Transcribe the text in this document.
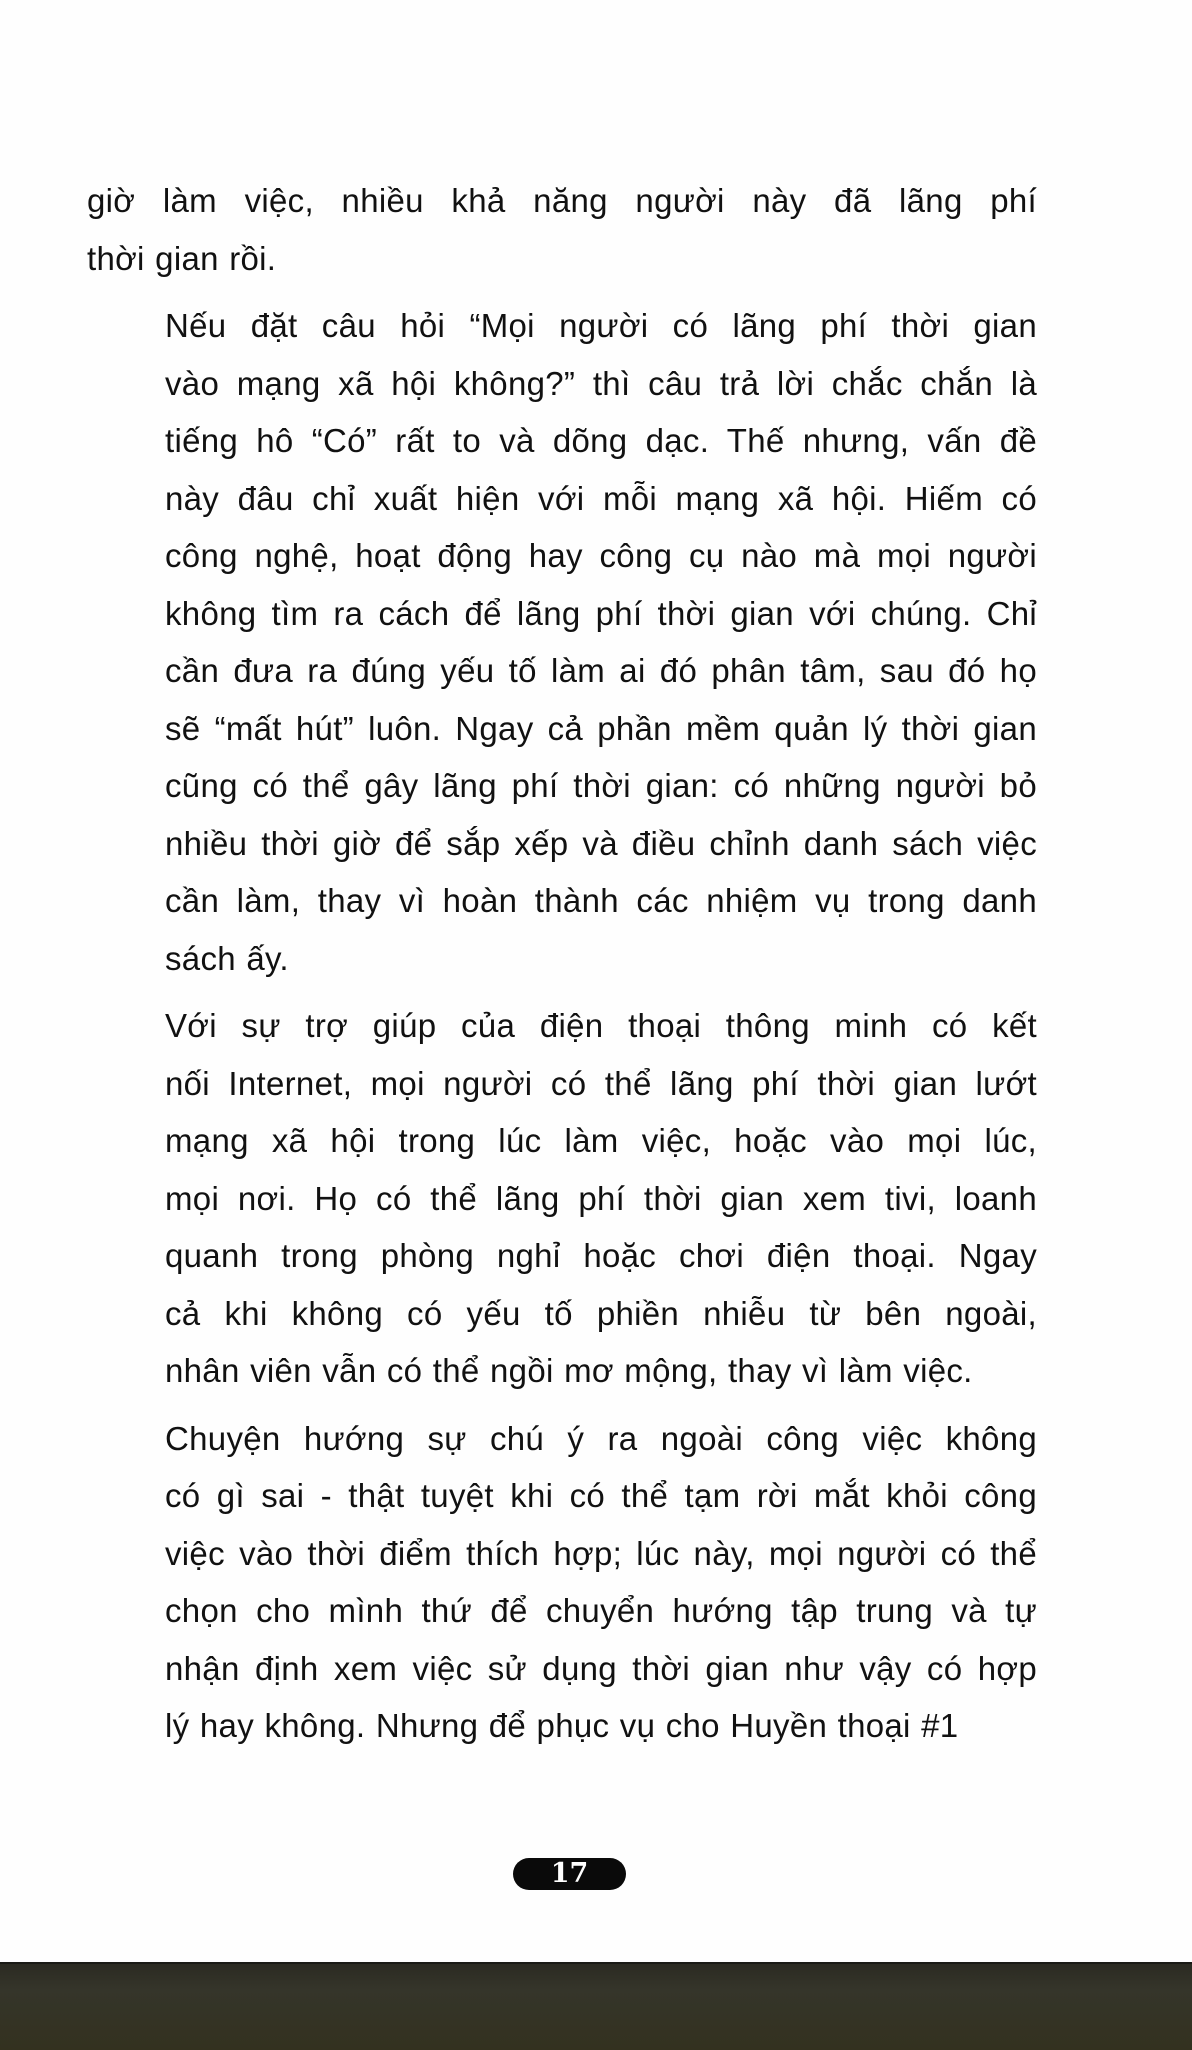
giờ làm việc, nhiều khả năng người này đã lãng phí
thời gian rồi.
Nếu đặt câu hỏi “Mọi người có lãng phí thời gian
vào mạng xã hội không?” thì câu trả lời chắc chắn là
tiếng hô “Có” rất to và dõng dạc. Thế nhưng, vấn đề
này đâu chỉ xuất hiện với mỗi mạng xã hội. Hiếm có
công nghệ, hoạt động hay công cụ nào mà mọi người
không tìm ra cách để lãng phí thời gian với chúng. Chỉ
cần đưa ra đúng yếu tố làm ai đó phân tâm, sau đó họ
sẽ “mất hút” luôn. Ngay cả phần mềm quản lý thời gian
cũng có thể gây lãng phí thời gian: có những người bỏ
nhiều thời giờ để sắp xếp và điều chỉnh danh sách việc
cần làm, thay vì hoàn thành các nhiệm vụ trong danh
sách ấy.
Với sự trợ giúp của điện thoại thông minh có kết
nối Internet, mọi người có thể lãng phí thời gian lướt
mạng xã hội trong lúc làm việc, hoặc vào mọi lúc,
mọi nơi. Họ có thể lãng phí thời gian xem tivi, loanh
quanh trong phòng nghỉ hoặc chơi điện thoại. Ngay
cả khi không có yếu tố phiền nhiễu từ bên ngoài,
nhân viên vẫn có thể ngồi mơ mộng, thay vì làm việc.
Chuyện hướng sự chú ý ra ngoài công việc không
có gì sai - thật tuyệt khi có thể tạm rời mắt khỏi công
việc vào thời điểm thích hợp; lúc này, mọi người có thể
chọn cho mình thứ để chuyển hướng tập trung và tự
nhận định xem việc sử dụng thời gian như vậy có hợp
lý hay không. Nhưng để phục vụ cho Huyền thoại #1
17
